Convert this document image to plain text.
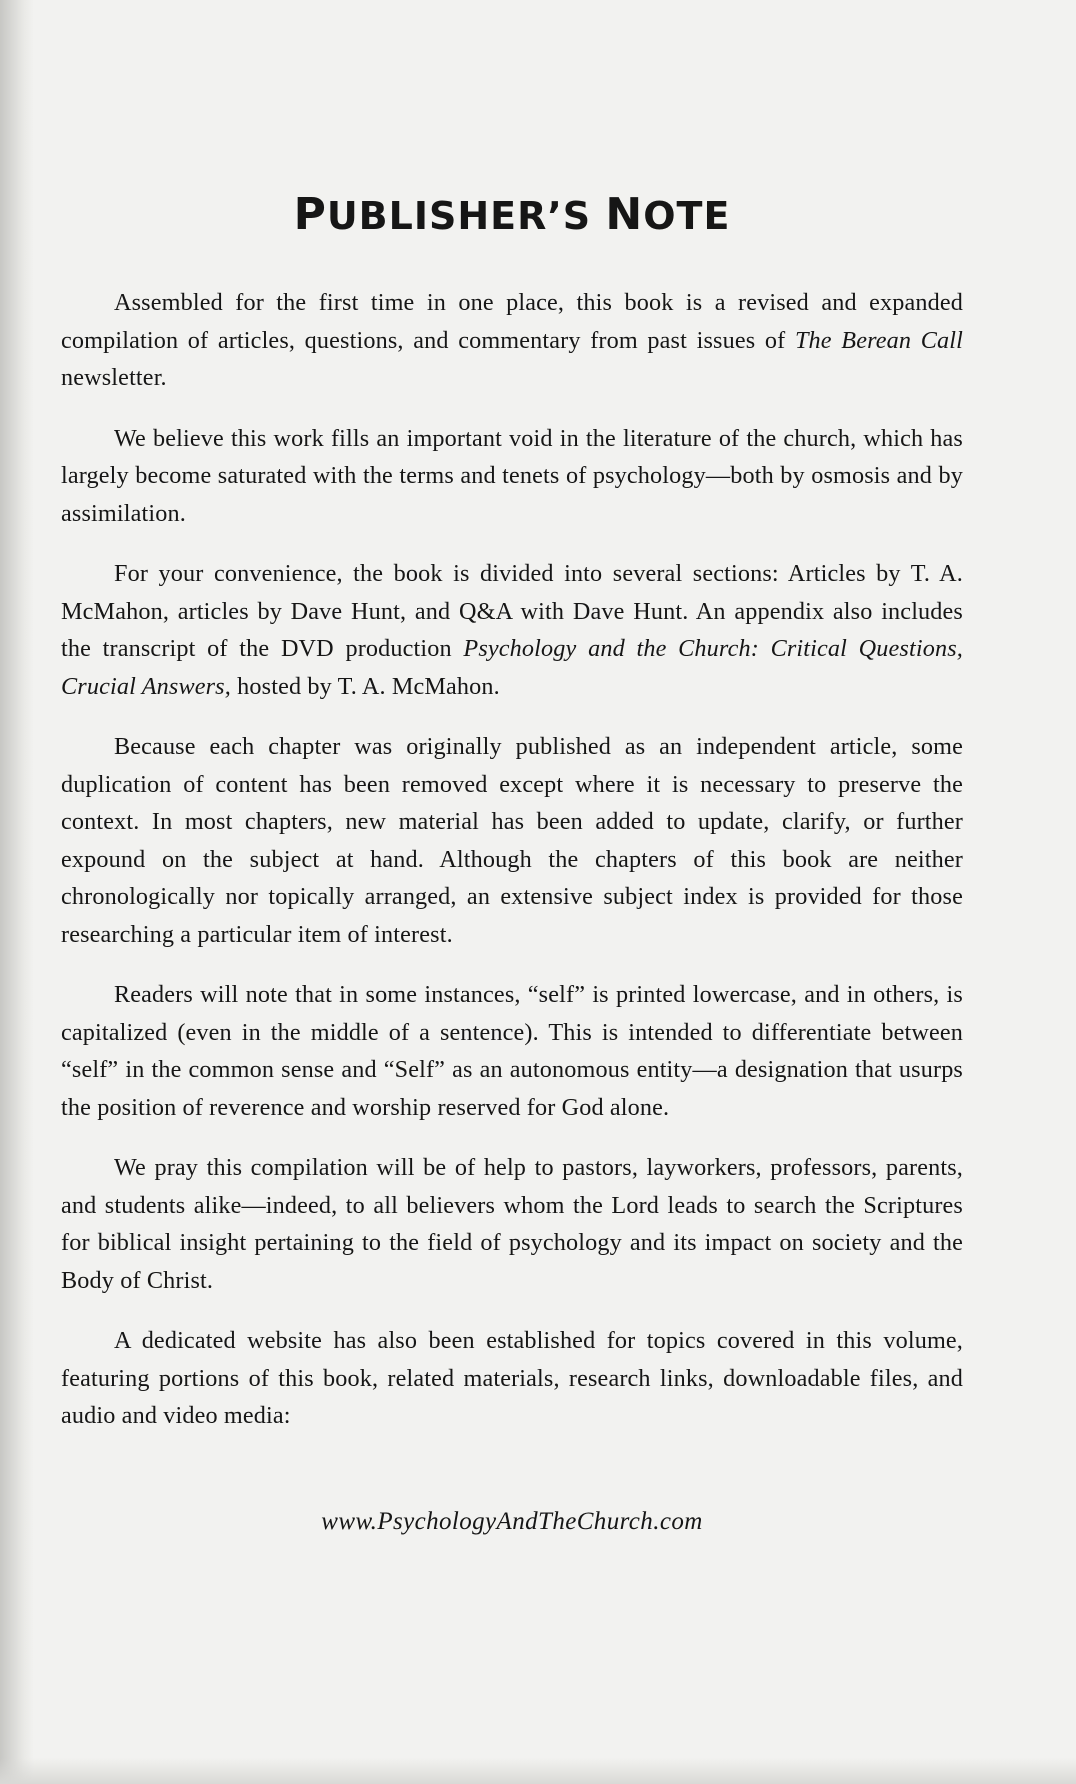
PUBLISHER’S NOTE

Assembled for the first time in one place, this book is a revised and expanded compilation of articles, questions, and commentary from past issues of The Berean Call newsletter.

We believe this work fills an important void in the literature of the church, which has largely become saturated with the terms and tenets of psychology—both by osmosis and by assimilation.

For your convenience, the book is divided into several sections: Articles by T. A. McMahon, articles by Dave Hunt, and Q&A with Dave Hunt. An appendix also includes the transcript of the DVD production Psychology and the Church: Critical Questions, Crucial Answers, hosted by T. A. McMahon.

Because each chapter was originally published as an independent article, some duplication of content has been removed except where it is necessary to preserve the context. In most chapters, new material has been added to update, clarify, or further expound on the subject at hand. Although the chapters of this book are neither chronologically nor topically arranged, an extensive subject index is provided for those researching a particular item of interest.

Readers will note that in some instances, “self” is printed lowercase, and in others, is capitalized (even in the middle of a sentence). This is intended to differentiate between “self” in the common sense and “Self” as an autonomous entity—a designation that usurps the position of reverence and worship reserved for God alone.

We pray this compilation will be of help to pastors, layworkers, professors, parents, and students alike—indeed, to all believers whom the Lord leads to search the Scriptures for biblical insight pertaining to the field of psychology and its impact on society and the Body of Christ.

A dedicated website has also been established for topics covered in this volume, featuring portions of this book, related materials, research links, downloadable files, and audio and video media:

www.PsychologyAndTheChurch.com
